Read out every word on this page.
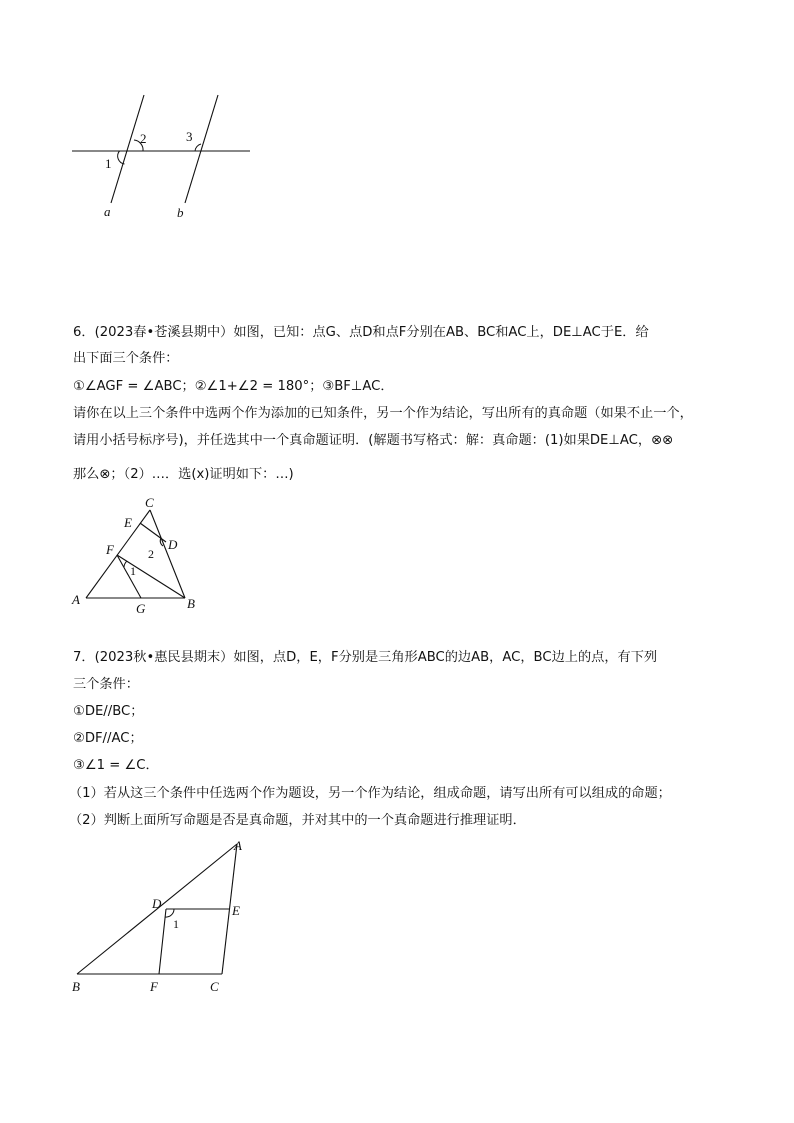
1
2	3
a	b
6．(2023春•苍溪县期中）如图，已知：点G、点D和点F分别在AB、BC和AC上，DE⊥AC于E．给
出下面三个条件：
①∠AGF = ∠ABC；②∠1+∠2 = 180°；③BF⊥AC．
请你在以上三个条件中选两个作为添加的已知条件，另一个作为结论，写出所有的真命题（如果不止一个，
请用小括号标序号)，并任选其中一个真命题证明．(解题书写格式：解：真命题：(1)如果DE⊥AC，⊗⊗
那么⊗；（2）…．选(x)证明如下：…)
C
E
D
F
1
2
A
G	B
7．(2023秋•惠民县期末）如图，点D，E，F分别是三角形ABC的边AB，AC，BC边上的点，有下列
三个条件：
①DE//BC；
②DF//AC；
③∠1 = ∠C．
（1）若从这三个条件中任选两个作为题设，另一个作为结论，组成命题，请写出所有可以组成的命题；
（2）判断上面所写命题是否是真命题，并对其中的一个真命题进行推理证明．
A
D	E
1
B	F	C
